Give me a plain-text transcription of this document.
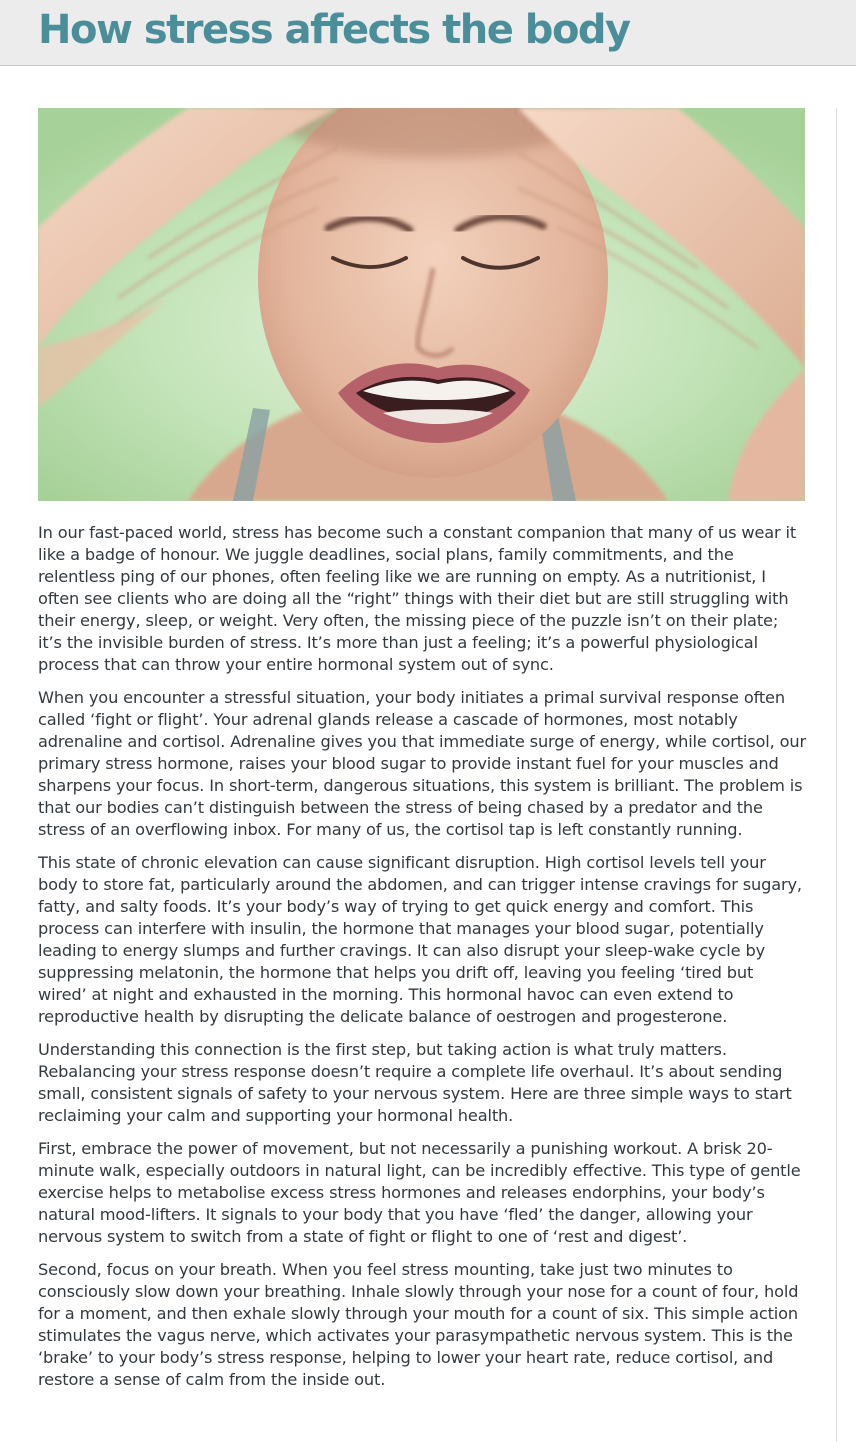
How stress affects the body

In our fast-paced world, stress has become such a constant companion that many of us wear it like a badge of honour. We juggle deadlines, social plans, family commitments, and the relentless ping of our phones, often feeling like we are running on empty. As a nutritionist, I often see clients who are doing all the “right” things with their diet but are still struggling with their energy, sleep, or weight. Very often, the missing piece of the puzzle isn’t on their plate; it’s the invisible burden of stress. It’s more than just a feeling; it’s a powerful physiological process that can throw your entire hormonal system out of sync.

When you encounter a stressful situation, your body initiates a primal survival response often called ‘fight or flight’. Your adrenal glands release a cascade of hormones, most notably adrenaline and cortisol. Adrenaline gives you that immediate surge of energy, while cortisol, our primary stress hormone, raises your blood sugar to provide instant fuel for your muscles and sharpens your focus. In short-term, dangerous situations, this system is brilliant. The problem is that our bodies can’t distinguish between the stress of being chased by a predator and the stress of an overflowing inbox. For many of us, the cortisol tap is left constantly running.

This state of chronic elevation can cause significant disruption. High cortisol levels tell your body to store fat, particularly around the abdomen, and can trigger intense cravings for sugary, fatty, and salty foods. It’s your body’s way of trying to get quick energy and comfort. This process can interfere with insulin, the hormone that manages your blood sugar, potentially leading to energy slumps and further cravings. It can also disrupt your sleep-wake cycle by suppressing melatonin, the hormone that helps you drift off, leaving you feeling ‘tired but wired’ at night and exhausted in the morning. This hormonal havoc can even extend to reproductive health by disrupting the delicate balance of oestrogen and progesterone.

Understanding this connection is the first step, but taking action is what truly matters. Rebalancing your stress response doesn’t require a complete life overhaul. It’s about sending small, consistent signals of safety to your nervous system. Here are three simple ways to start reclaiming your calm and supporting your hormonal health.

First, embrace the power of movement, but not necessarily a punishing workout. A brisk 20-minute walk, especially outdoors in natural light, can be incredibly effective. This type of gentle exercise helps to metabolise excess stress hormones and releases endorphins, your body’s natural mood-lifters. It signals to your body that you have ‘fled’ the danger, allowing your nervous system to switch from a state of fight or flight to one of ‘rest and digest’.

Second, focus on your breath. When you feel stress mounting, take just two minutes to consciously slow down your breathing. Inhale slowly through your nose for a count of four, hold for a moment, and then exhale slowly through your mouth for a count of six. This simple action stimulates the vagus nerve, which activates your parasympathetic nervous system. This is the ‘brake’ to your body’s stress response, helping to lower your heart rate, reduce cortisol, and restore a sense of calm from the inside out.
